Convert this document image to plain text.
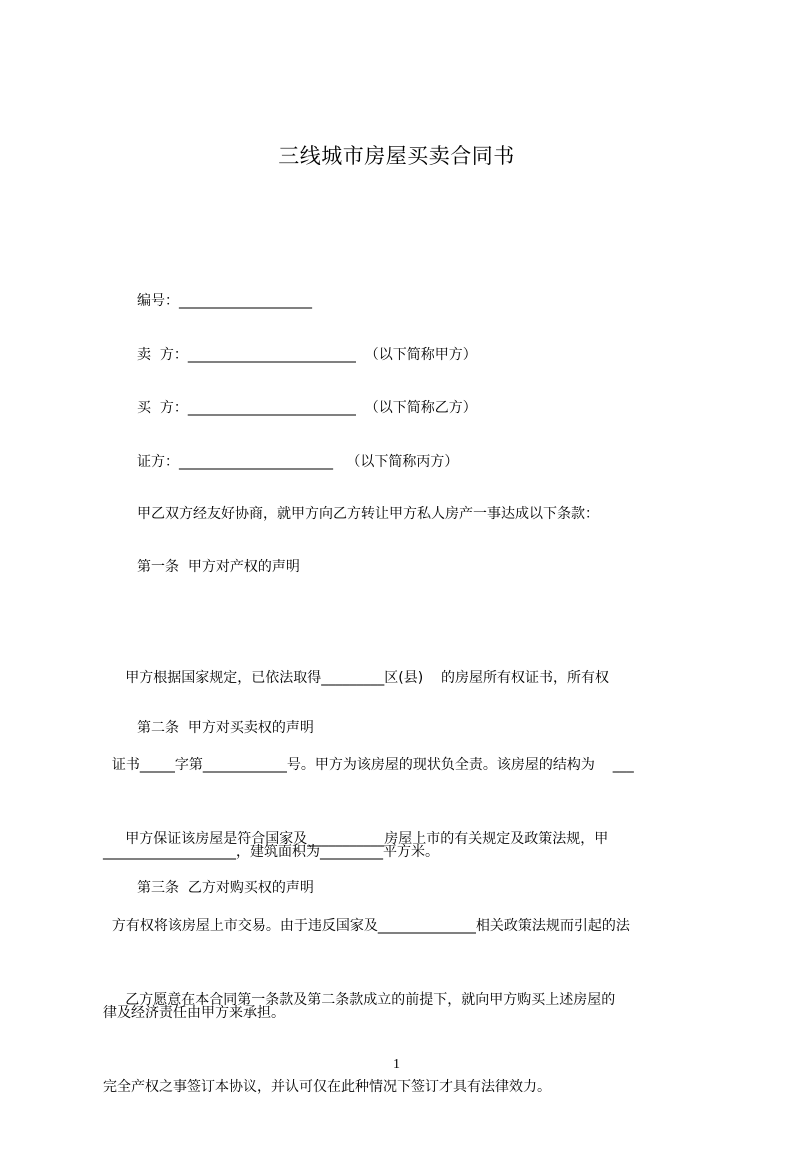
三线城市房屋买卖合同书
编号：___________________
卖  方：________________________  （以下简称甲方）
买  方：________________________  （以下简称乙方）
证方：______________________   （以下简称丙方）
甲乙双方经友好协商，就甲方向乙方转让甲方私人房产一事达成以下条款：
第一条  甲方对产权的声明

甲方根据国家规定，已依法取得_________区(县)    的房屋所有权证书，所有权

证书_____字第____________号。甲方为该房屋的现状负全责。该房屋的结构为    ___

___________________，建筑面积为_________平方米。

第二条  甲方对买卖权的声明

甲方保证该房屋是符合国家及___________房屋上市的有关规定及政策法规，甲

方有权将该房屋上市交易。由于违反国家及______________相关政策法规而引起的法

律及经济责任由甲方来承担。

第三条  乙方对购买权的声明

乙方愿意在本合同第一条款及第二条款成立的前提下，就向甲方购买上述房屋的

完全产权之事签订本协议，并认可仅在此种情况下签订才具有法律效力。

1
